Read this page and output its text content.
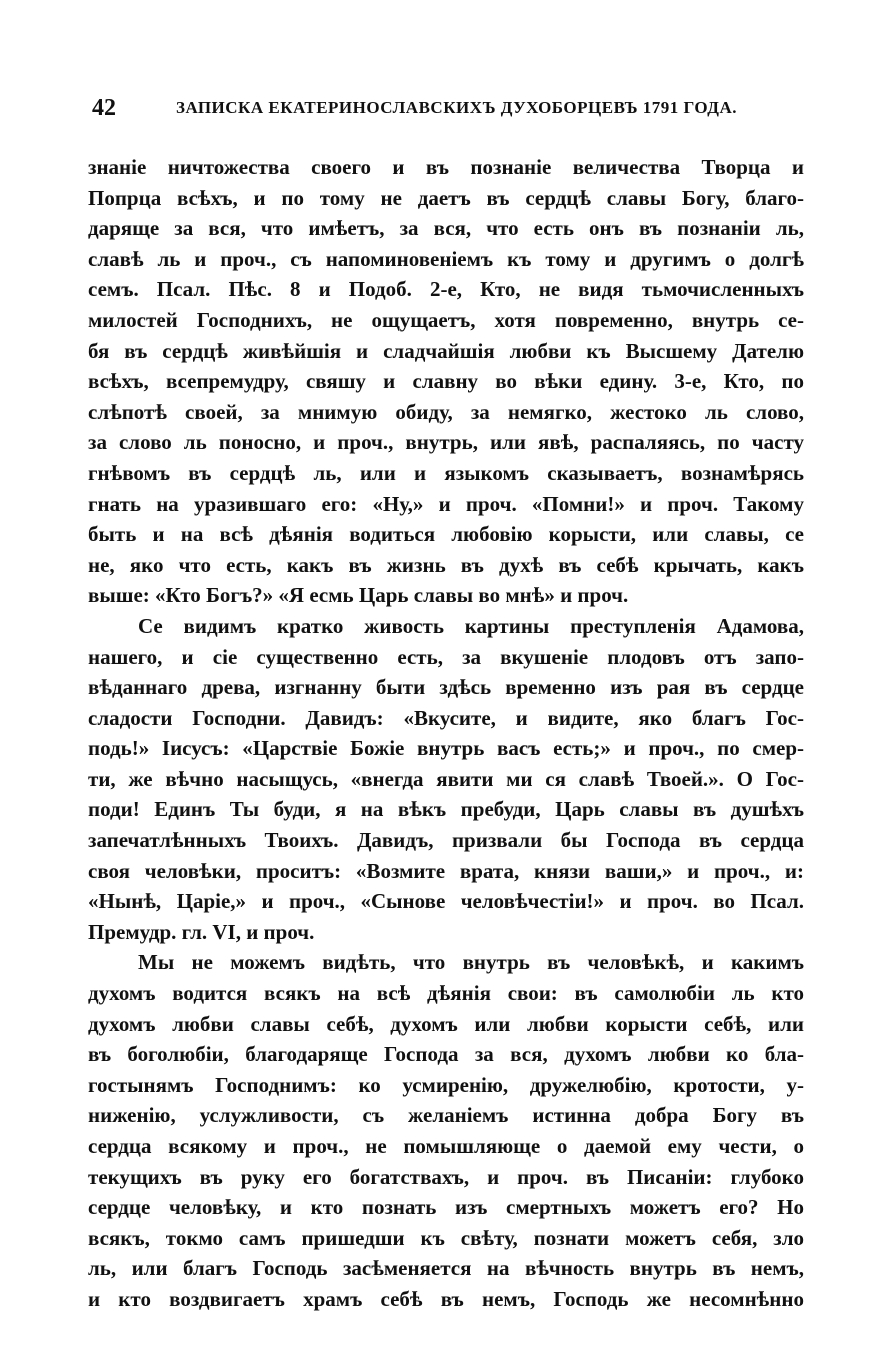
42	ЗАПИСКА ЕКАТЕРИНОСЛАВСКИХЪ ДУХОБОРЦЕВЪ 1791 ГОДА.
знаніе ничтожества своего и въ познаніе величества Творца и
Попрца всѣхъ, и по тому не даетъ въ сердцѣ славы Богу, благо-
даряще за вся, что имѣетъ, за вся, что есть онъ въ познаніи ль,
славѣ ль и проч., съ напоминовеніемъ къ тому и другимъ о долгѣ
семъ. Псал. Пѣс. 8 и Подоб. 2-е, Кто, не видя тьмочисленныхъ
милостей Господнихъ, не ощущаетъ, хотя повременно, внутрь се-
бя въ сердцѣ живѣйшія и сладчайшія любви къ Высшему Дателю
всѣхъ, всепремудру, свяшу и славну во вѣки едину. 3-е, Кто, по
слѣпотѣ своей, за мнимую обиду, за немягко, жестоко ль слово,
за слово ль поносно, и проч., внутрь, или явѣ, распаляясь, по часту
гнѣвомъ въ сердцѣ ль, или и языкомъ сказываетъ, вознамѣрясь
гнать на уразившаго его: «Ну,» и проч. «Помни!» и проч. Такому
быть и на всѣ дѣянія водиться любовію корысти, или славы, се
не, яко что есть, какъ въ жизнь въ духѣ въ себѣ крычать, какъ
выше: «Кто Богъ?» «Я есмь Царь славы во мнѣ» и проч.
Се видимъ кратко живость картины преступленія Адамова,
нашего, и сіе существенно есть, за вкушеніе плодовъ отъ запо-
вѣданнаго древа, изгнанну быти здѣсь временно изъ рая въ сердце
сладости Господни. Давидъ: «Вкусите, и видите, яко благъ Гос-
подь!» Іисусъ: «Царствіе Божіе внутрь васъ есть;» и проч., по смер-
ти, же вѣчно насыщусь, «внегда явити ми ся славѣ Твоей.». О Гос-
поди! Единъ Ты буди, я на вѣкъ пребуди, Царь славы въ душѣхъ
запечатлѣнныхъ Твоихъ. Давидъ, призвали бы Господа въ сердца
своя человѣки, проситъ: «Возмите врата, князи ваши,» и проч., и:
«Нынѣ, Царіе,» и проч., «Сынове человѣчестіи!» и проч. во Псал.
Премудр. гл. VI, и проч.
Мы не можемъ видѣть, что внутрь въ человѣкѣ, и какимъ
духомъ водится всякъ на всѣ дѣянія свои: въ самолюбіи ль кто
духомъ любви славы себѣ, духомъ или любви корысти себѣ, или
въ боголюбіи, благодаряще Господа за вся, духомъ любви ко бла-
гостынямъ Господнимъ: ко усмиренію, дружелюбію, кротости, у-
ниженію, услужливости, съ желаніемъ истинна добра Богу въ
сердца всякому и проч., не помышляюще о даемой ему чести, о
текущихъ въ руку его богатствахъ, и проч. въ Писаніи: глубоко
сердце человѣку, и кто познать изъ смертныхъ можетъ его? Но
всякъ, токмо самъ пришедши къ свѣту, познати можетъ себя, зло
ль, или благъ Господь засѣменяется на вѣчность внутрь въ немъ,
и кто воздвигаетъ храмъ себѣ въ немъ, Господь же несомнѣнно
